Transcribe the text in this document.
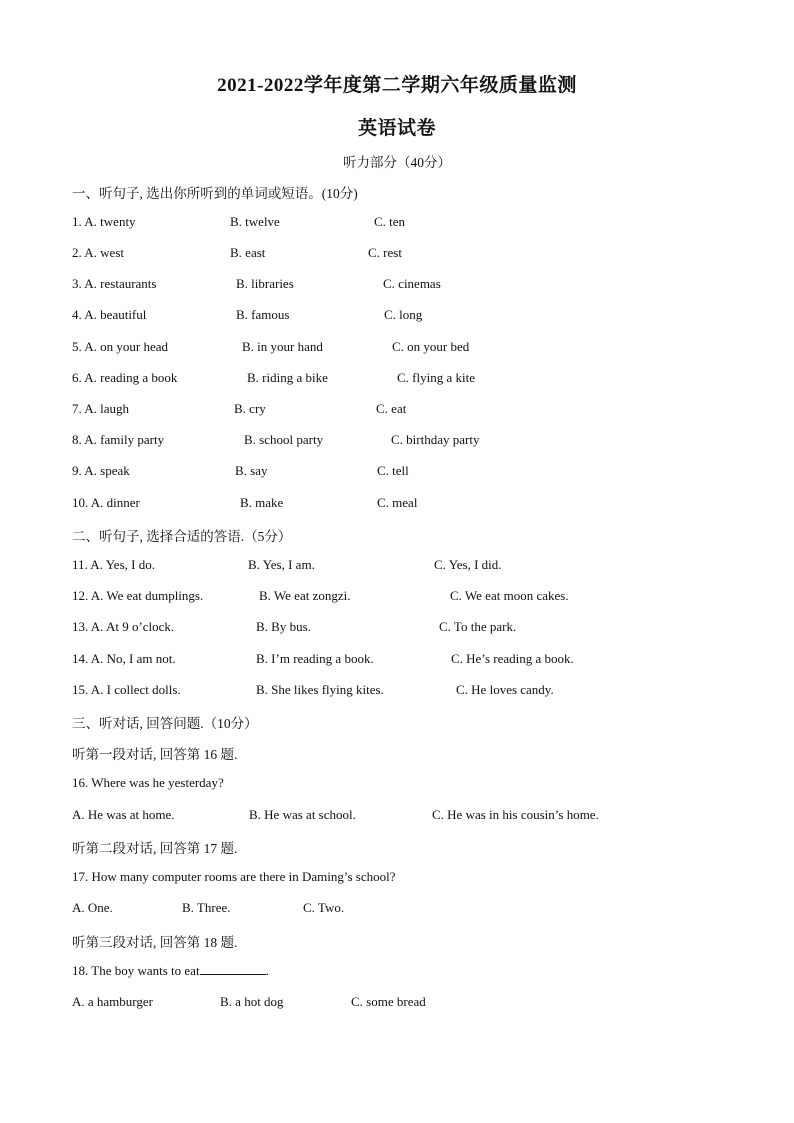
2021-2022学年度第二学期六年级质量监测
英语试卷
听力部分（40分）
一、听句子, 选出你所听到的单词或短语。(10分)
1. A. twenty	B. twelve	C. ten
2. A. west	B. east	C. rest
3. A. restaurants	B. libraries	C. cinemas
4. A. beautiful	B. famous	C. long
5. A. on your head	B. in your hand	C. on your bed
6. A. reading a book	B. riding a bike	C. flying a kite
7. A. laugh	B. cry	C. eat
8. A. family party	B. school party	C. birthday party
9. A. speak	B. say	C. tell
10. A. dinner	B. make	C. meal
二、听句子, 选择合适的答语.（5分）
11. A. Yes, I do.	B. Yes, I am.	C. Yes, I did.
12. A. We eat dumplings.	B. We eat zongzi.	C. We eat moon cakes.
13. A. At 9 o’clock.	B. By bus.	C. To the park.
14. A. No, I am not.	B. I’m reading a book.	C. He’s reading a book.
15. A. I collect dolls.	B. She likes flying kites.	C. He loves candy.
三、听对话, 回答问题.（10分）
听第一段对话, 回答第 16 题.
16. Where was he yesterday?
A. He was at home.	B. He was at school.	C. He was in his cousin’s home.
听第二段对话, 回答第 17 题.
17. How many computer rooms are there in Daming’s school?
A. One.	B. Three.	C. Two.
听第三段对话, 回答第 18 题.
18. The boy wants to eat	.
A. a hamburger	B. a hot dog	C. some bread
